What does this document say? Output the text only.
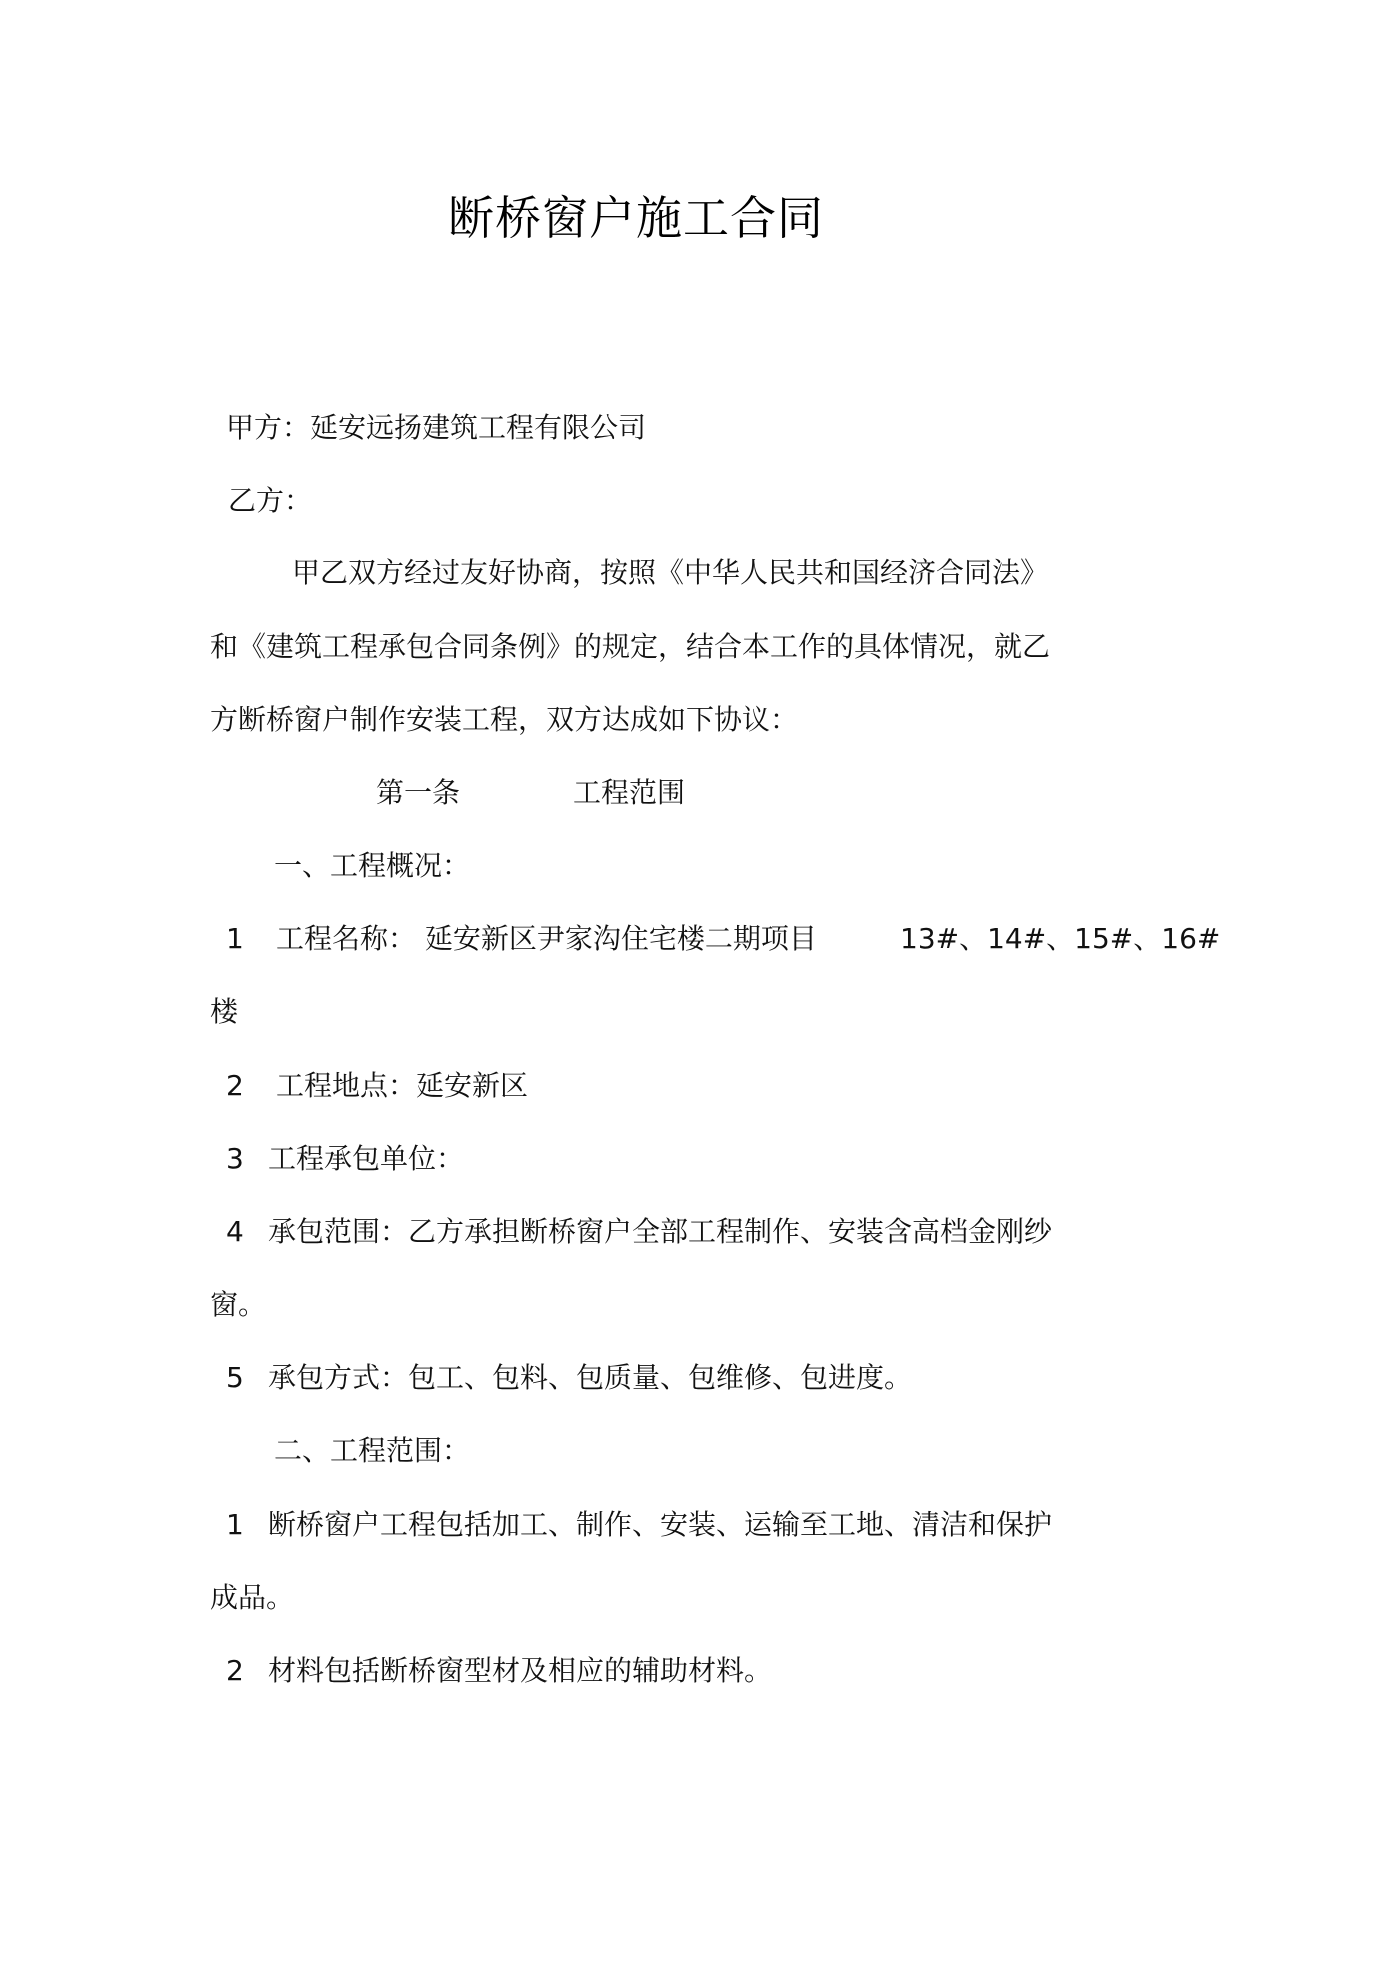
断桥窗户施工合同
甲方：延安远扬建筑工程有限公司
乙方：
甲乙双方经过友好协商，按照《中华人民共和国经济合同法》
和《建筑工程承包合同条例》的规定，结合本工作的具体情况，就乙
方断桥窗户制作安装工程，双方达成如下协议：
第一条	工程范围
一、工程概况：
1 工程名称： 延安新区尹家沟住宅楼二期项目	13#、14#、15#、16#
楼
2 工程地点：延安新区
3 工程承包单位：
4 承包范围：乙方承担断桥窗户全部工程制作、安装含高档金刚纱
窗。
5 承包方式：包工、包料、包质量、包维修、包进度。
二、工程范围：
1 断桥窗户工程包括加工、制作、安装、运输至工地、清洁和保护
成品。
2 材料包括断桥窗型材及相应的辅助材料。
